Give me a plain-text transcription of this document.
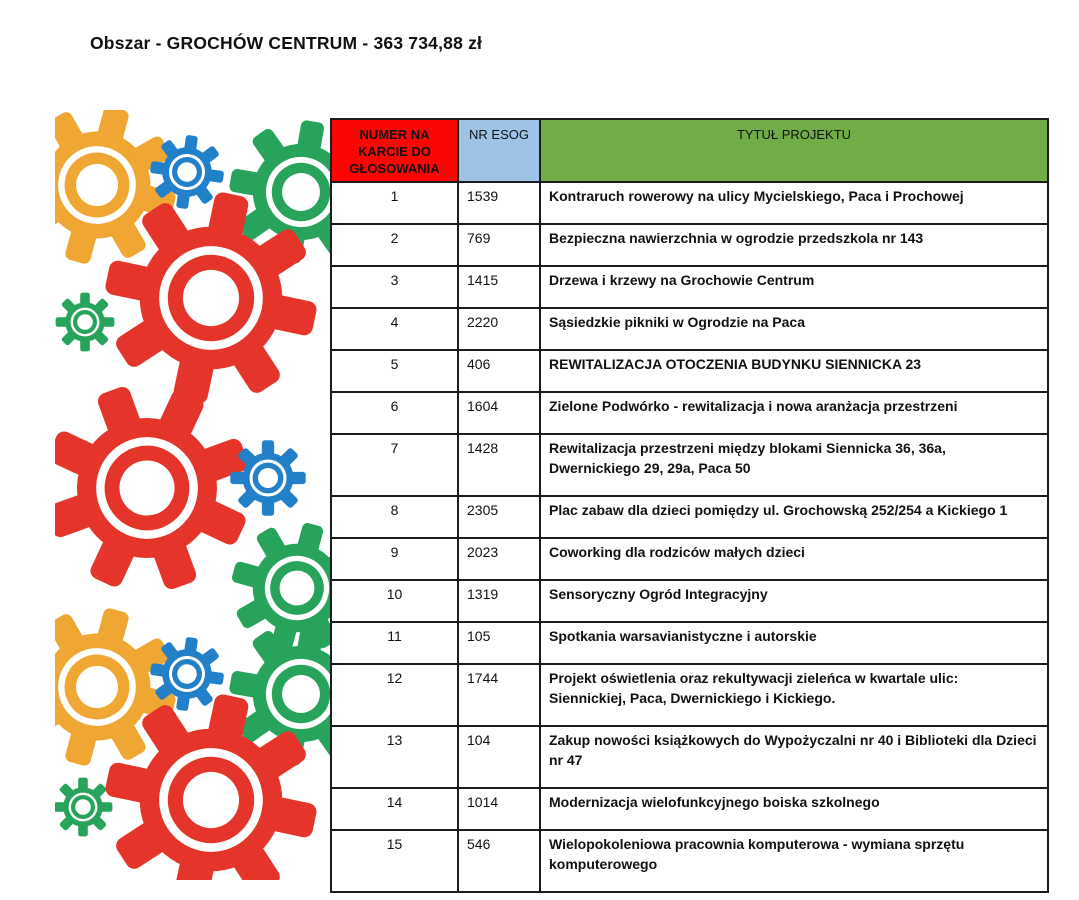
Obszar - GROCHÓW CENTRUM - 363 734,88 zł
NUMER NA KARCIE DO GŁOSOWANIA	NR ESOG	TYTUŁ PROJEKTU
1	1539	Kontraruch rowerowy na ulicy Mycielskiego, Paca i Prochowej
2	769	Bezpieczna nawierzchnia w ogrodzie przedszkola nr 143
3	1415	Drzewa i krzewy na Grochowie Centrum
4	2220	Sąsiedzkie pikniki w Ogrodzie na Paca
5	406	REWITALIZACJA OTOCZENIA BUDYNKU SIENNICKA 23
6	1604	Zielone Podwórko - rewitalizacja i nowa aranżacja przestrzeni
7	1428	Rewitalizacja przestrzeni między blokami Siennicka 36, 36a, Dwernickiego 29, 29a, Paca 50
8	2305	Plac zabaw dla dzieci pomiędzy ul. Grochowską 252/254 a Kickiego 1
9	2023	Coworking dla rodziców małych dzieci
10	1319	Sensoryczny Ogród Integracyjny
11	105	Spotkania warsavianistyczne i autorskie
12	1744	Projekt oświetlenia oraz rekultywacji zieleńca w kwartale ulic: Siennickiej, Paca, Dwernickiego i Kickiego.
13	104	Zakup nowości książkowych do Wypożyczalni nr 40 i Biblioteki dla Dzieci nr 47
14	1014	Modernizacja wielofunkcyjnego boiska szkolnego
15	546	Wielopokoleniowa pracownia komputerowa - wymiana sprzętu komputerowego
